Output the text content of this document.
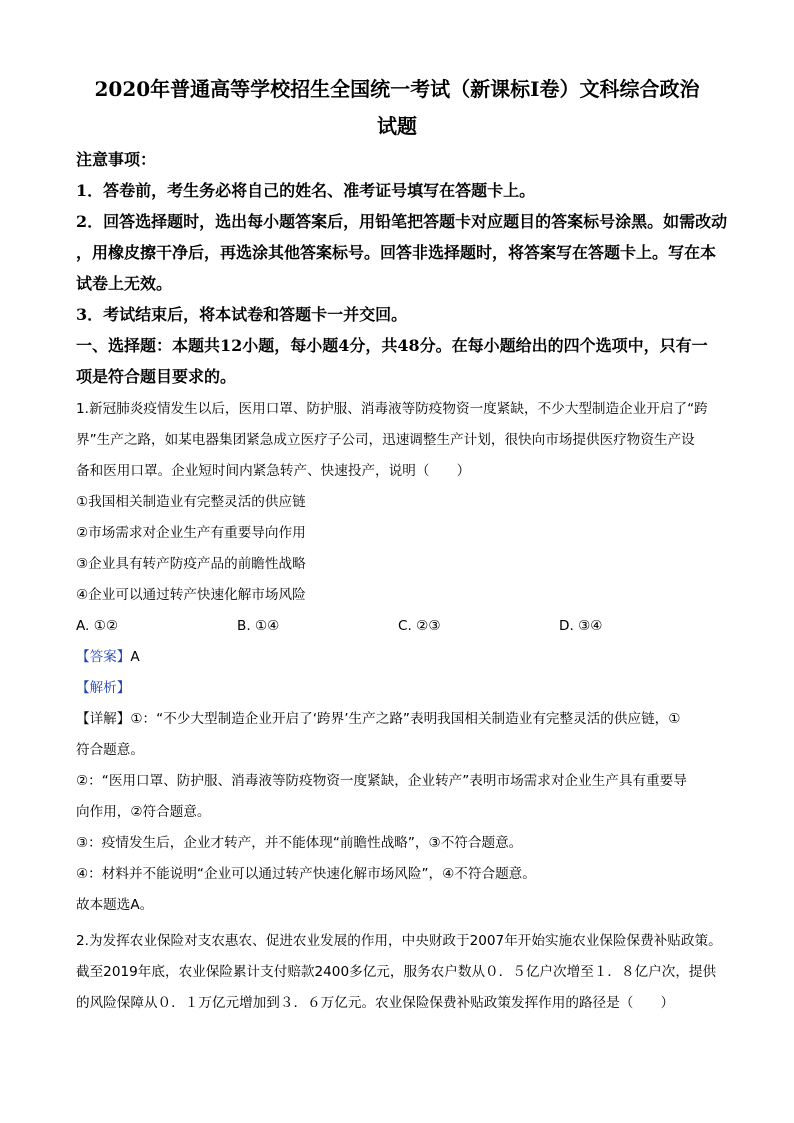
2020年普通高等学校招生全国统一考试（新课标Ⅰ卷）文科综合政治
试题

注意事项：

1．答卷前，考生务必将自己的姓名、准考证号填写在答题卡上。

2．回答选择题时，选出每小题答案后，用铅笔把答题卡对应题目的答案标号涂黑。如需改动

，用橡皮擦干净后，再选涂其他答案标号。回答非选择题时，将答案写在答题卡上。写在本

试卷上无效。

3．考试结束后，将本试卷和答题卡一并交回。

一、选择题：本题共12小题，每小题4分，共48分。在每小题给出的四个选项中，只有一

项是符合题目要求的。

1.新冠肺炎疫情发生以后，医用口罩、防护服、消毒液等防疫物资一度紧缺，不少大型制造企业开启了“跨

界”生产之路，如某电器集团紧急成立医疗子公司，迅速调整生产计划，很快向市场提供医疗物资生产设

备和医用口罩。企业短时间内紧急转产、快速投产，说明（　　）

①我国相关制造业有完整灵活的供应链

②市场需求对企业生产有重要导向作用

③企业具有转产防疫产品的前瞻性战略

④企业可以通过转产快速化解市场风险

A. ①②	B. ①④	C. ②③	D. ③④

【答案】A

【解析】

【详解】①：“不少大型制造企业开启了‘跨界’生产之路”表明我国相关制造业有完整灵活的供应链，①

符合题意。

②：“医用口罩、防护服、消毒液等防疫物资一度紧缺，企业转产”表明市场需求对企业生产具有重要导

向作用，②符合题意。

③：疫情发生后，企业才转产，并不能体现“前瞻性战略”，③不符合题意。

④：材料并不能说明“企业可以通过转产快速化解市场风险”，④不符合题意。

故本题选A。

2.为发挥农业保险对支农惠农、促进农业发展的作用，中央财政于2007年开始实施农业保险保费补贴政策。

截至2019年底，农业保险累计支付赔款2400多亿元，服务农户数从０．５亿户次增至１．８亿户次，提供

的风险保障从０．１万亿元增加到３．６万亿元。农业保险保费补贴政策发挥作用的路径是（　　）
